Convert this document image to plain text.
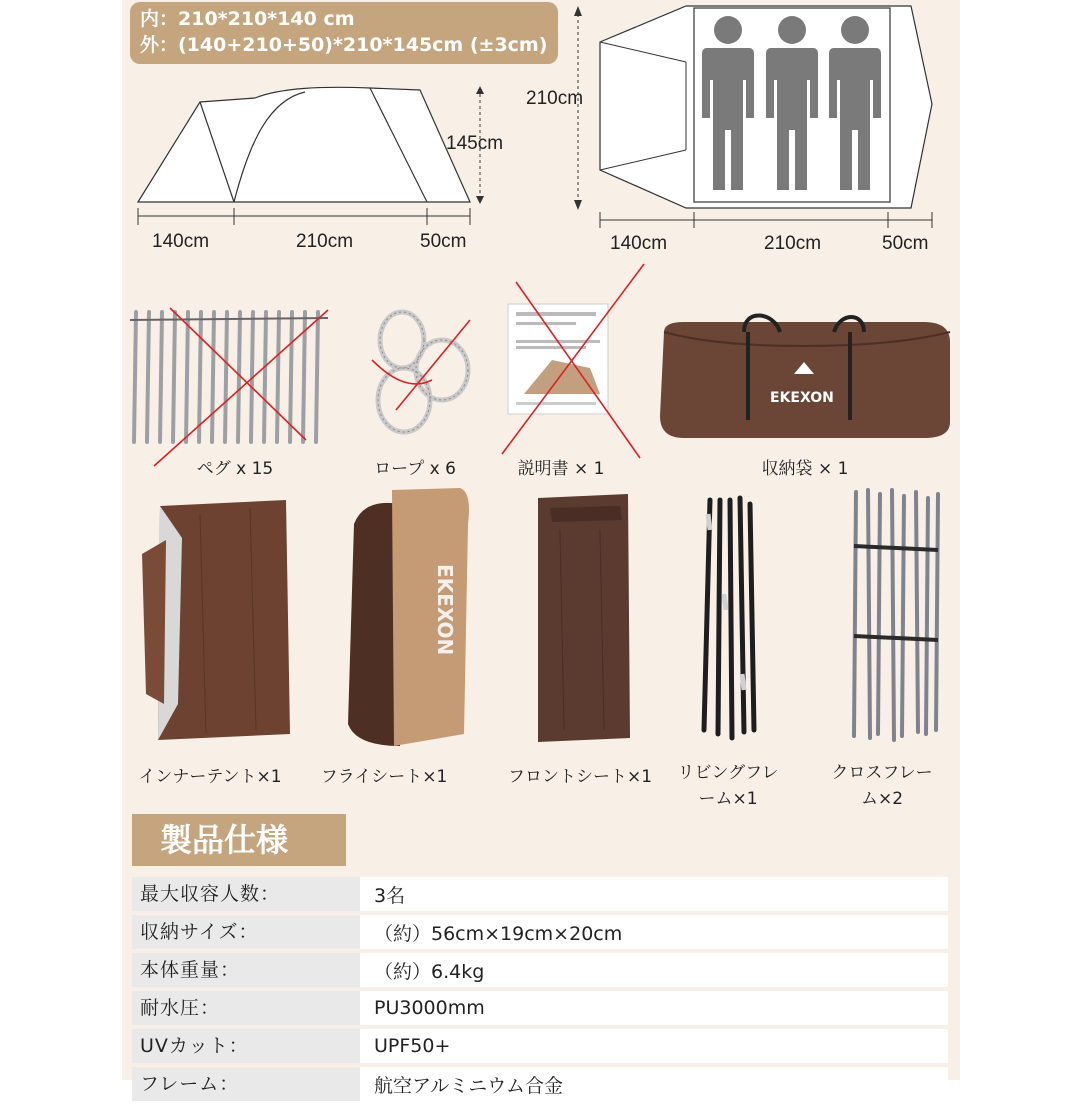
内：210*210*140 cm
外：(140+210+50)*210*145cm (±3cm)
145cm
140cm	210cm	50cm
210cm
140cm	210cm	50cm
ペグ x 15	ロープ x 6	説明書 × 1
EKEXON
収納袋 × 1
インナーテント×1
EKEXON
フライシート×1	フロントシート×1	リビングフレーム×1
クロスフレーム×2
製品仕様
最大収容人数：	3名
収納サイズ：	（約）56cm×19cm×20cm
本体重量：	（約）6.4kg
耐水圧：	PU3000mm
UVカット：	UPF50+
フレーム：	航空アルミニウム合金
